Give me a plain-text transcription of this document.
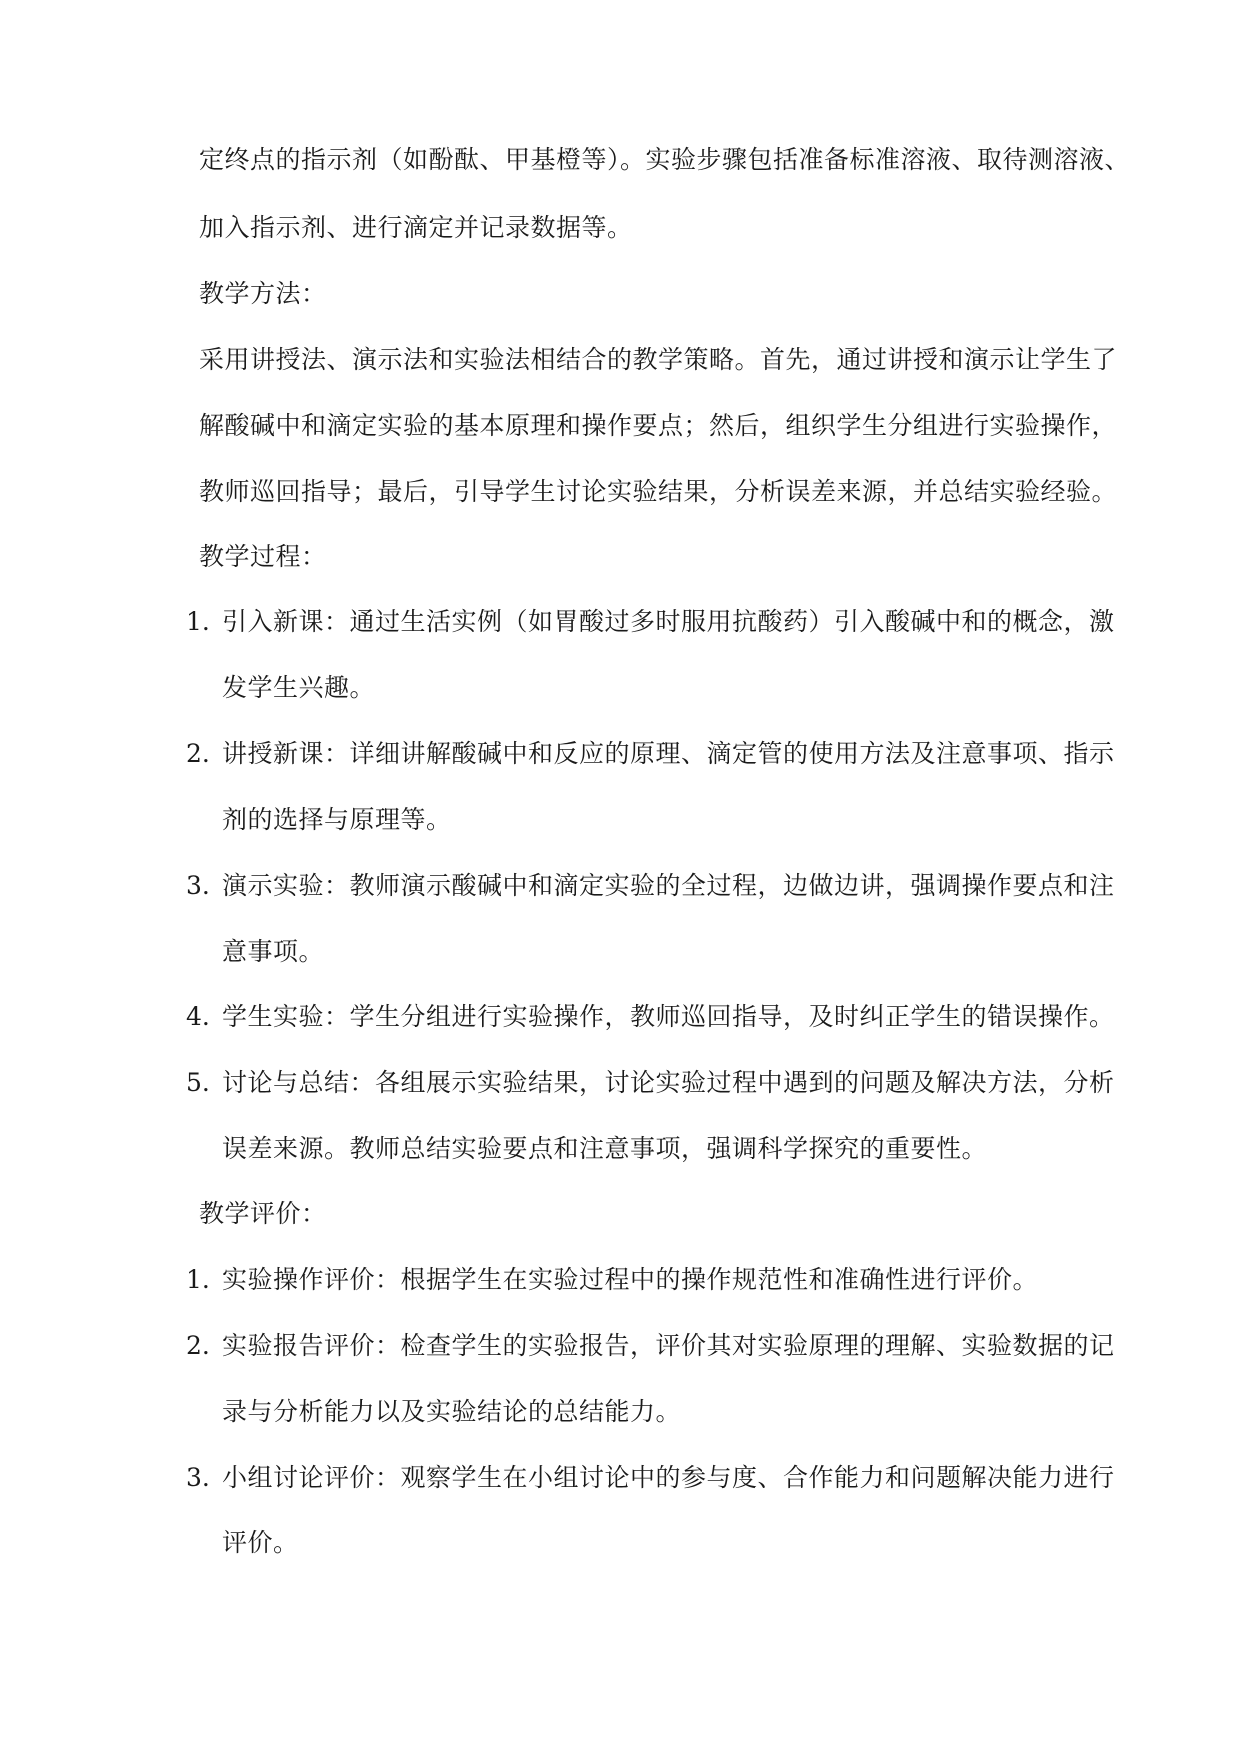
定终点的指示剂（如酚酞、甲基橙等）。实验步骤包括准备标准溶液、取待测溶液、
加入指示剂、进行滴定并记录数据等。
教学方法：
采用讲授法、演示法和实验法相结合的教学策略。首先，通过讲授和演示让学生了
解酸碱中和滴定实验的基本原理和操作要点；然后，组织学生分组进行实验操作，
教师巡回指导；最后，引导学生讨论实验结果，分析误差来源，并总结实验经验。
教学过程：
1. 引入新课：通过生活实例（如胃酸过多时服用抗酸药）引入酸碱中和的概念，激
发学生兴趣。
2. 讲授新课：详细讲解酸碱中和反应的原理、滴定管的使用方法及注意事项、指示
剂的选择与原理等。
3. 演示实验：教师演示酸碱中和滴定实验的全过程，边做边讲，强调操作要点和注
意事项。
4. 学生实验：学生分组进行实验操作，教师巡回指导，及时纠正学生的错误操作。
5. 讨论与总结：各组展示实验结果，讨论实验过程中遇到的问题及解决方法，分析
误差来源。教师总结实验要点和注意事项，强调科学探究的重要性。
教学评价：
1. 实验操作评价：根据学生在实验过程中的操作规范性和准确性进行评价。
2. 实验报告评价：检查学生的实验报告，评价其对实验原理的理解、实验数据的记
录与分析能力以及实验结论的总结能力。
3. 小组讨论评价：观察学生在小组讨论中的参与度、合作能力和问题解决能力进行
评价。
